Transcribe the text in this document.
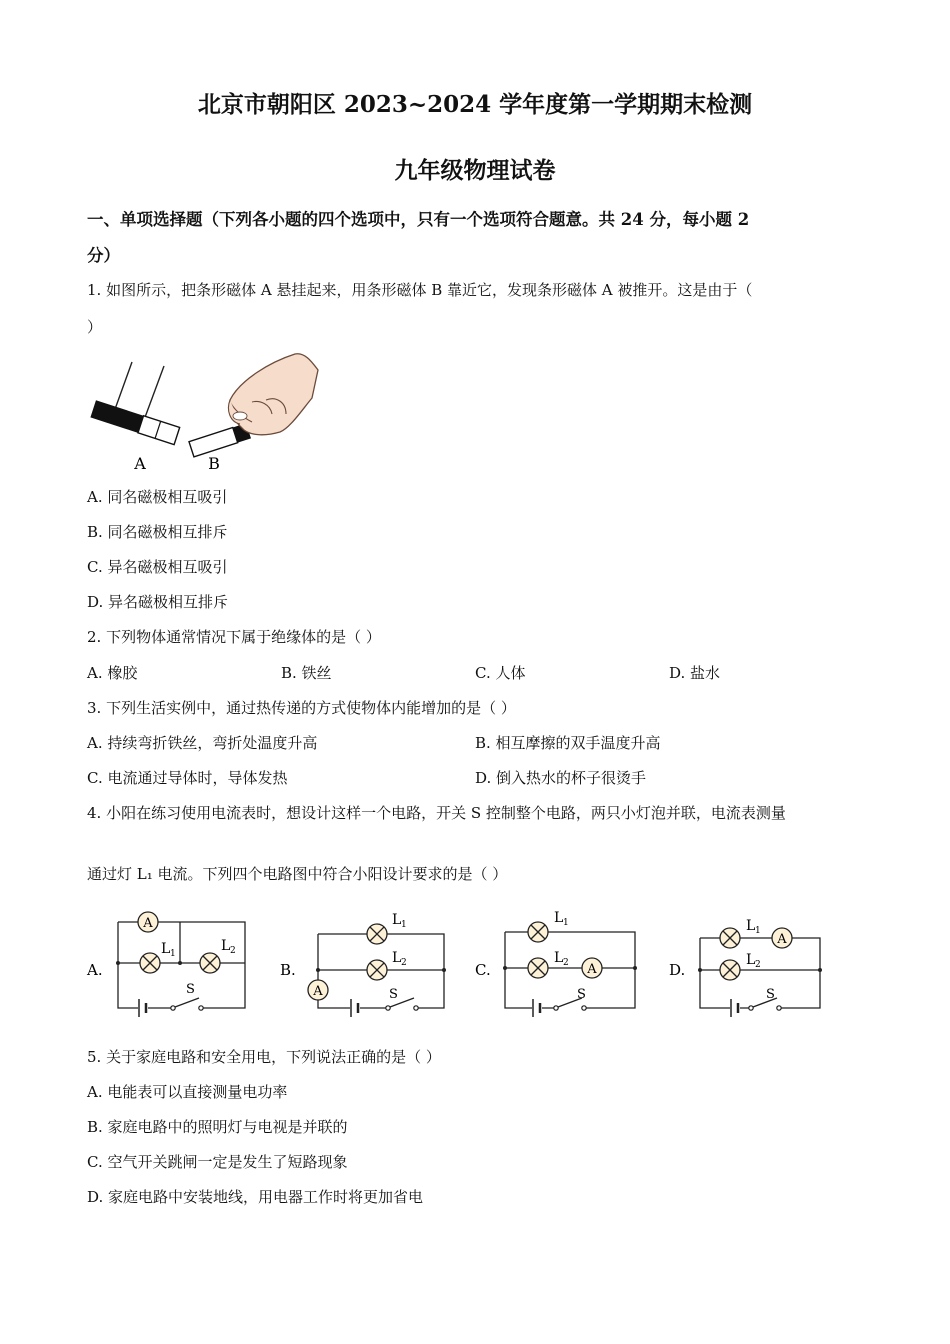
北京市朝阳区 2023~2024 学年度第一学期期末检测
九年级物理试卷
一、单项选择题（下列各小题的四个选项中，只有一个选项符合题意。共 24 分，每小题 2
分）
1. 如图所示，把条形磁体 A 悬挂起来，用条形磁体 B 靠近它，发现条形磁体 A 被推开。这是由于（
）
A	B
A. 同名磁极相互吸引
B. 同名磁极相互排斥
C. 异名磁极相互吸引
D. 异名磁极相互排斥
2. 下列物体通常情况下属于绝缘体的是（ ）
A. 橡胶	B. 铁丝	C. 人体	D. 盐水
3. 下列生活实例中，通过热传递的方式使物体内能增加的是（ ）
A. 持续弯折铁丝，弯折处温度升高	B. 相互摩擦的双手温度升高
C. 电流通过导体时，导体发热	D. 倒入热水的杯子很烫手
4. 小阳在练习使用电流表时，想设计这样一个电路，开关 S 控制整个电路，两只小灯泡并联，电流表测量
通过灯 L₁ 电流。下列四个电路图中符合小阳设计要求的是（ ）
A.
A
L 1	L 2
S
B.
A
L 1
L 2
S
C.	A
L 1
L 2
S
D.
A
L 1
L 2
S
5. 关于家庭电路和安全用电，下列说法正确的是（ ）
A. 电能表可以直接测量电功率
B. 家庭电路中的照明灯与电视是并联的
C. 空气开关跳闸一定是发生了短路现象
D. 家庭电路中安装地线，用电器工作时将更加省电
